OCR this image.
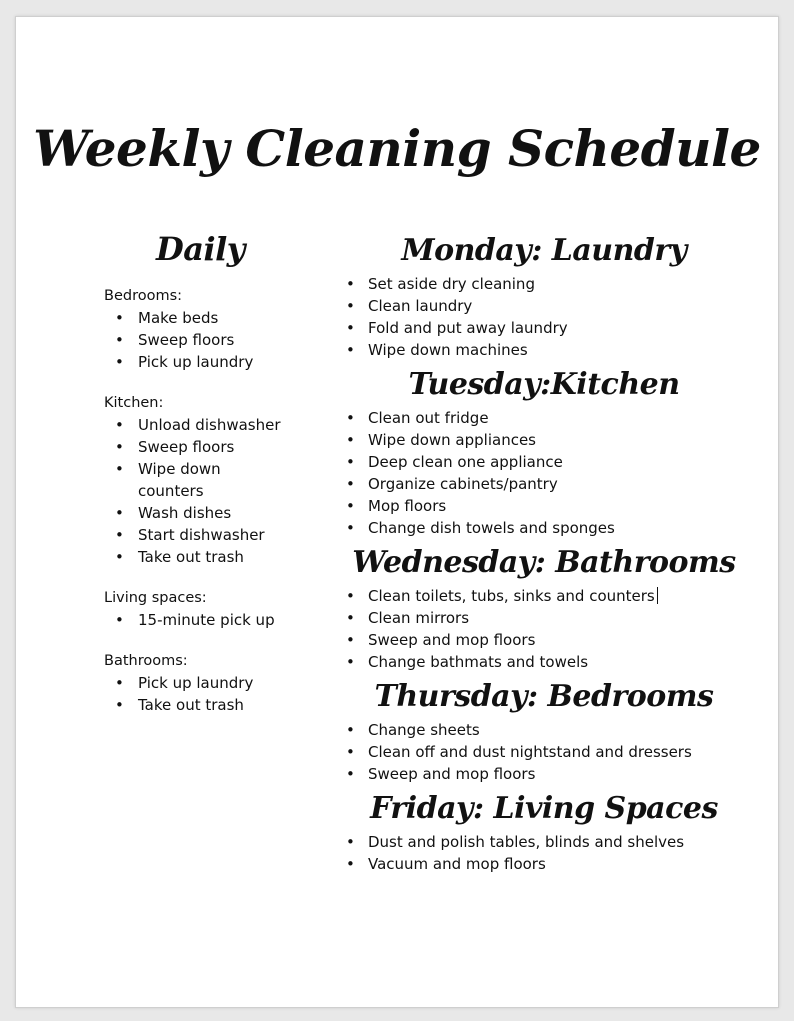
Weekly Cleaning Schedule
Daily

Bedrooms:

• Make beds
• Sweep floors
• Pick up laundry

Kitchen:

• Unload dishwasher
• Sweep floors
• Wipe down counters
• Wash dishes
• Start dishwasher
• Take out trash

Living spaces:

• 15-minute pick up

Bathrooms:

• Pick up laundry
• Take out trash

Monday: Laundry

• Set aside dry cleaning
• Clean laundry
• Fold and put away laundry
• Wipe down machines

Tuesday:Kitchen

• Clean out fridge
• Wipe down appliances
• Deep clean one appliance
• Organize cabinets/pantry
• Mop floors
• Change dish towels and sponges

Wednesday: Bathrooms

• Clean toilets, tubs, sinks and counters
• Clean mirrors
• Sweep and mop floors
• Change bathmats and towels

Thursday: Bedrooms

• Change sheets
• Clean off and dust nightstand and dressers
• Sweep and mop floors

Friday: Living Spaces

• Dust and polish tables, blinds and shelves
• Vacuum and mop floors
